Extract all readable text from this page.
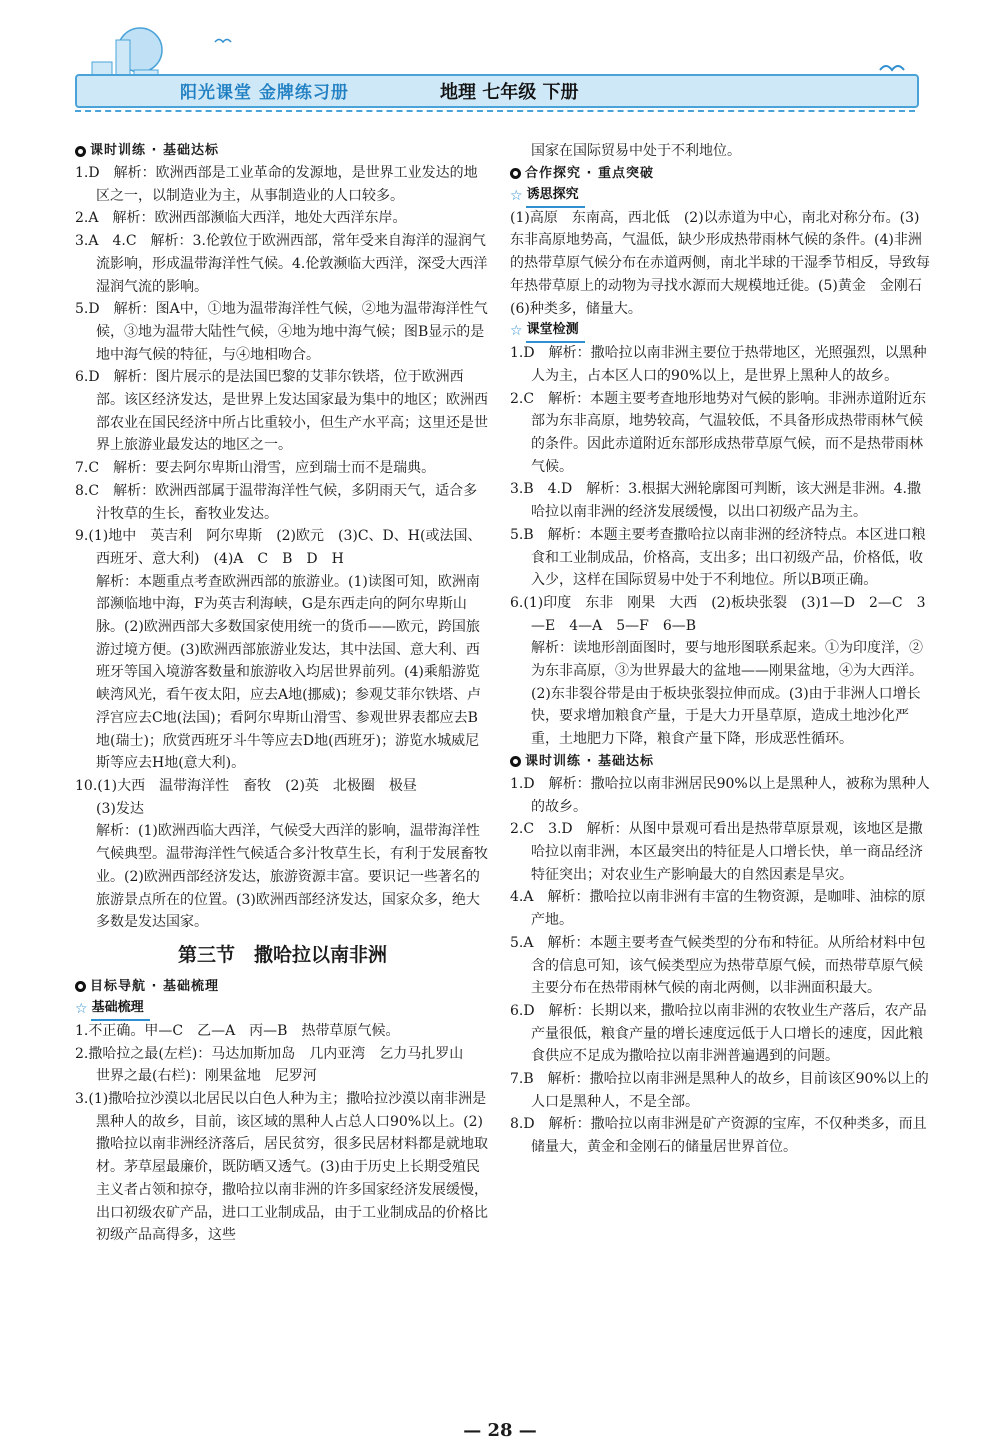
阳光课堂 金牌练习册	地理 七年级 下册
课时训练 · 基础达标

1.D　解析：欧洲西部是工业革命的发源地，是世界工业发达的地区之一，以制造业为主，从事制造业的人口较多。

2.A　解析：欧洲西部濒临大西洋，地处大西洋东岸。

3.A　4.C　解析：3.伦敦位于欧洲西部，常年受来自海洋的湿润气流影响，形成温带海洋性气候。4.伦敦濒临大西洋，深受大西洋湿润气流的影响。

5.D　解析：图A中，①地为温带海洋性气候，②地为温带海洋性气候，③地为温带大陆性气候，④地为地中海气候；图B显示的是地中海气候的特征，与④地相吻合。

6.D　解析：图片展示的是法国巴黎的艾菲尔铁塔，位于欧洲西部。该区经济发达，是世界上发达国家最为集中的地区；欧洲西部农业在国民经济中所占比重较小，但生产水平高；这里还是世界上旅游业最发达的地区之一。

7.C　解析：要去阿尔卑斯山滑雪，应到瑞士而不是瑞典。

8.C　解析：欧洲西部属于温带海洋性气候，多阴雨天气，适合多汁牧草的生长，畜牧业发达。

9.(1)地中　英吉利　阿尔卑斯　(2)欧元　(3)C、D、H(或法国、西班牙、意大利)　(4)A　C　B　D　H

解析：本题重点考查欧洲西部的旅游业。(1)读图可知，欧洲南部濒临地中海，F为英吉利海峡，G是东西走向的阿尔卑斯山脉。(2)欧洲西部大多数国家使用统一的货币——欧元，跨国旅游过境方便。(3)欧洲西部旅游业发达，其中法国、意大利、西班牙等国入境游客数量和旅游收入均居世界前列。(4)乘船游览峡湾风光，看午夜太阳，应去A地(挪威)；参观艾菲尔铁塔、卢浮宫应去C地(法国)；看阿尔卑斯山滑雪、参观世界表都应去B地(瑞士)；欣赏西班牙斗牛等应去D地(西班牙)；游览水城威尼斯等应去H地(意大利)。

10.(1)大西　温带海洋性　畜牧　(2)英　北极圈　极昼

(3)发达

解析：(1)欧洲西临大西洋，气候受大西洋的影响，温带海洋性气候典型。温带海洋性气候适合多汁牧草生长，有利于发展畜牧业。(2)欧洲西部经济发达，旅游资源丰富。要识记一些著名的旅游景点所在的位置。(3)欧洲西部经济发达，国家众多，绝大多数是发达国家。

第三节　撒哈拉以南非洲
目标导航 · 基础梳理
☆ 基础梳理

1.不正确。甲—C　乙—A　丙—B　热带草原气候。

2.撒哈拉之最(左栏)：马达加斯加岛　几内亚湾　乞力马扎罗山

世界之最(右栏)：刚果盆地　尼罗河

3.(1)撒哈拉沙漠以北居民以白色人种为主；撒哈拉沙漠以南非洲是黑种人的故乡，目前，该区域的黑种人占总人口90%以上。(2)撒哈拉以南非洲经济落后，居民贫穷，很多民居材料都是就地取材。茅草屋最廉价，既防晒又透气。(3)由于历史上长期受殖民主义者占领和掠夺，撒哈拉以南非洲的许多国家经济发展缓慢，出口初级农矿产品，进口工业制成品，由于工业制成品的价格比初级产品高得多，这些

国家在国际贸易中处于不利地位。

合作探究 · 重点突破
☆ 诱思探究

(1)高原　东南高，西北低　(2)以赤道为中心，南北对称分布。(3)东非高原地势高，气温低，缺少形成热带雨林气候的条件。(4)非洲的热带草原气候分布在赤道两侧，南北半球的干湿季节相反，导致每年热带草原上的动物为寻找水源而大规模地迁徙。(5)黄金　金刚石　(6)种类多，储量大。

☆ 课堂检测

1.D　解析：撒哈拉以南非洲主要位于热带地区，光照强烈，以黑种人为主，占本区人口的90%以上，是世界上黑种人的故乡。

2.C　解析：本题主要考查地形地势对气候的影响。非洲赤道附近东部为东非高原，地势较高，气温较低，不具备形成热带雨林气候的条件。因此赤道附近东部形成热带草原气候，而不是热带雨林气候。

3.B　4.D　解析：3.根据大洲轮廓图可判断，该大洲是非洲。4.撒哈拉以南非洲的经济发展缓慢，以出口初级产品为主。

5.B　解析：本题主要考查撒哈拉以南非洲的经济特点。本区进口粮食和工业制成品，价格高，支出多；出口初级产品，价格低，收入少，这样在国际贸易中处于不利地位。所以B项正确。

6.(1)印度　东非　刚果　大西　(2)板块张裂　(3)1—D　2—C　3—E　4—A　5—F　6—B

解析：读地形剖面图时，要与地形图联系起来。①为印度洋，②为东非高原，③为世界最大的盆地——刚果盆地，④为大西洋。(2)东非裂谷带是由于板块张裂拉伸而成。(3)由于非洲人口增长快，要求增加粮食产量，于是大力开垦草原，造成土地沙化严重，土地肥力下降，粮食产量下降，形成恶性循环。

课时训练 · 基础达标

1.D　解析：撒哈拉以南非洲居民90%以上是黑种人，被称为黑种人的故乡。

2.C　3.D　解析：从图中景观可看出是热带草原景观，该地区是撒哈拉以南非洲，本区最突出的特征是人口增长快，单一商品经济特征突出；对农业生产影响最大的自然因素是旱灾。

4.A　解析：撒哈拉以南非洲有丰富的生物资源，是咖啡、油棕的原产地。

5.A　解析：本题主要考查气候类型的分布和特征。从所给材料中包含的信息可知，该气候类型应为热带草原气候，而热带草原气候主要分布在热带雨林气候的南北两侧，以非洲面积最大。

6.D　解析：长期以来，撒哈拉以南非洲的农牧业生产落后，农产品产量很低，粮食产量的增长速度远低于人口增长的速度，因此粮食供应不足成为撒哈拉以南非洲普遍遇到的问题。

7.B　解析：撒哈拉以南非洲是黑种人的故乡，目前该区90%以上的人口是黑种人，不是全部。

8.D　解析：撒哈拉以南非洲是矿产资源的宝库，不仅种类多，而且储量大，黄金和金刚石的储量居世界首位。

— 28 —
